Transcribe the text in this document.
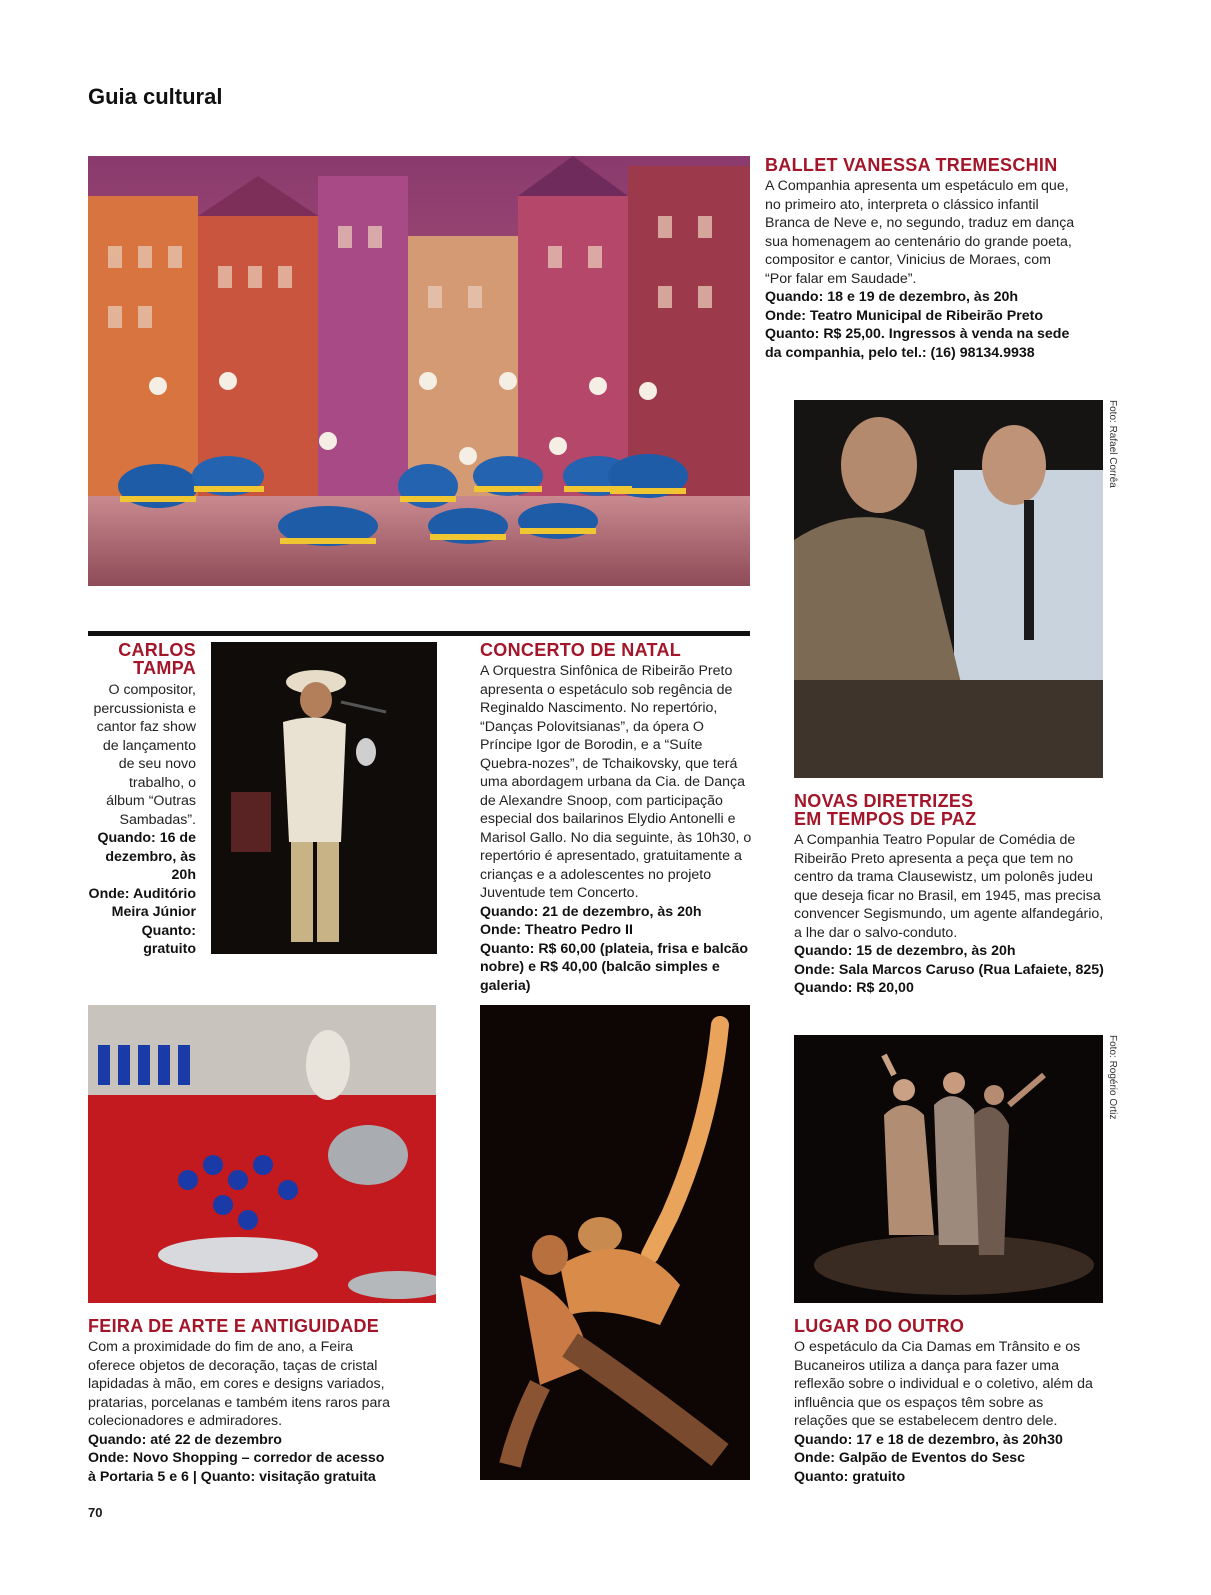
Guia cultural
BALLET VANESSA TREMESCHIN

A Companhia apresenta um espetáculo em que, no primeiro ato, interpreta o clássico infantil Branca de Neve e, no segundo, traduz em dança sua homenagem ao centenário do grande poeta, compositor e cantor, Vinicius de Moraes, com “Por falar em Saudade”.

Quando: 18 e 19 de dezembro, às 20h

Onde: Teatro Municipal de Ribeirão Preto

Quanto: R$ 25,00. Ingressos à venda na sede da companhia, pelo tel.: (16) 98134.9938

Foto: Rafael Corrêa
CARLOS
TAMPA

O compositor, percussionista e cantor faz show de lançamento de seu novo trabalho, o álbum “Outras Sambadas”.

Quando: 16 de dezembro, às 20h

Onde: Auditório Meira Júnior

Quanto: gratuito

CONCERTO DE NATAL

A Orquestra Sinfônica de Ribeirão Preto apresenta o espetáculo sob regência de Reginaldo Nascimento. No repertório, “Danças Polovitsianas”, da ópera O Príncipe Igor de Borodin, e a “Suíte Quebra-nozes”, de Tchaikovsky, que terá uma abordagem urbana da Cia. de Dança de Alexandre Snoop, com participação especial dos bailarinos Elydio Antonelli e Marisol Gallo. No dia seguinte, às 10h30, o repertório é apresentado, gratuitamente a crianças e a adolescentes no projeto Juventude tem Concerto.

Quando: 21 de dezembro, às 20h

Onde: Theatro Pedro II

Quanto: R$ 60,00 (plateia, frisa e balcão nobre) e R$ 40,00 (balcão simples e galeria)

NOVAS DIRETRIZES
EM TEMPOS DE PAZ

A Companhia Teatro Popular de Comédia de Ribeirão Preto apresenta a peça que tem no centro da trama Clausewistz, um polonês judeu que deseja ficar no Brasil, em 1945, mas precisa convencer Segismundo, um agente alfandegário, a lhe dar o salvo-conduto.

Quando: 15 de dezembro, às 20h

Onde: Sala Marcos Caruso (Rua Lafaiete, 825)

Quando: R$ 20,00

FEIRA DE ARTE E ANTIGUIDADE

Com a proximidade do fim de ano, a Feira oferece objetos de decoração, taças de cristal lapidadas à mão, em cores e designs variados, pratarias, porcelanas e também itens raros para colecionadores e admiradores.

Quando: até 22 de dezembro

Onde: Novo Shopping – corredor de acesso à Portaria 5 e 6 | Quanto: visitação gratuita

Foto: Rogério Ortiz
LUGAR DO OUTRO

O espetáculo da Cia Damas em Trânsito e os Bucaneiros utiliza a dança para fazer uma reflexão sobre o individual e o coletivo, além da influência que os espaços têm sobre as relações que se estabelecem dentro dele.

Quando: 17 e 18 de dezembro, às 20h30

Onde: Galpão de Eventos do Sesc

Quanto: gratuito

70
